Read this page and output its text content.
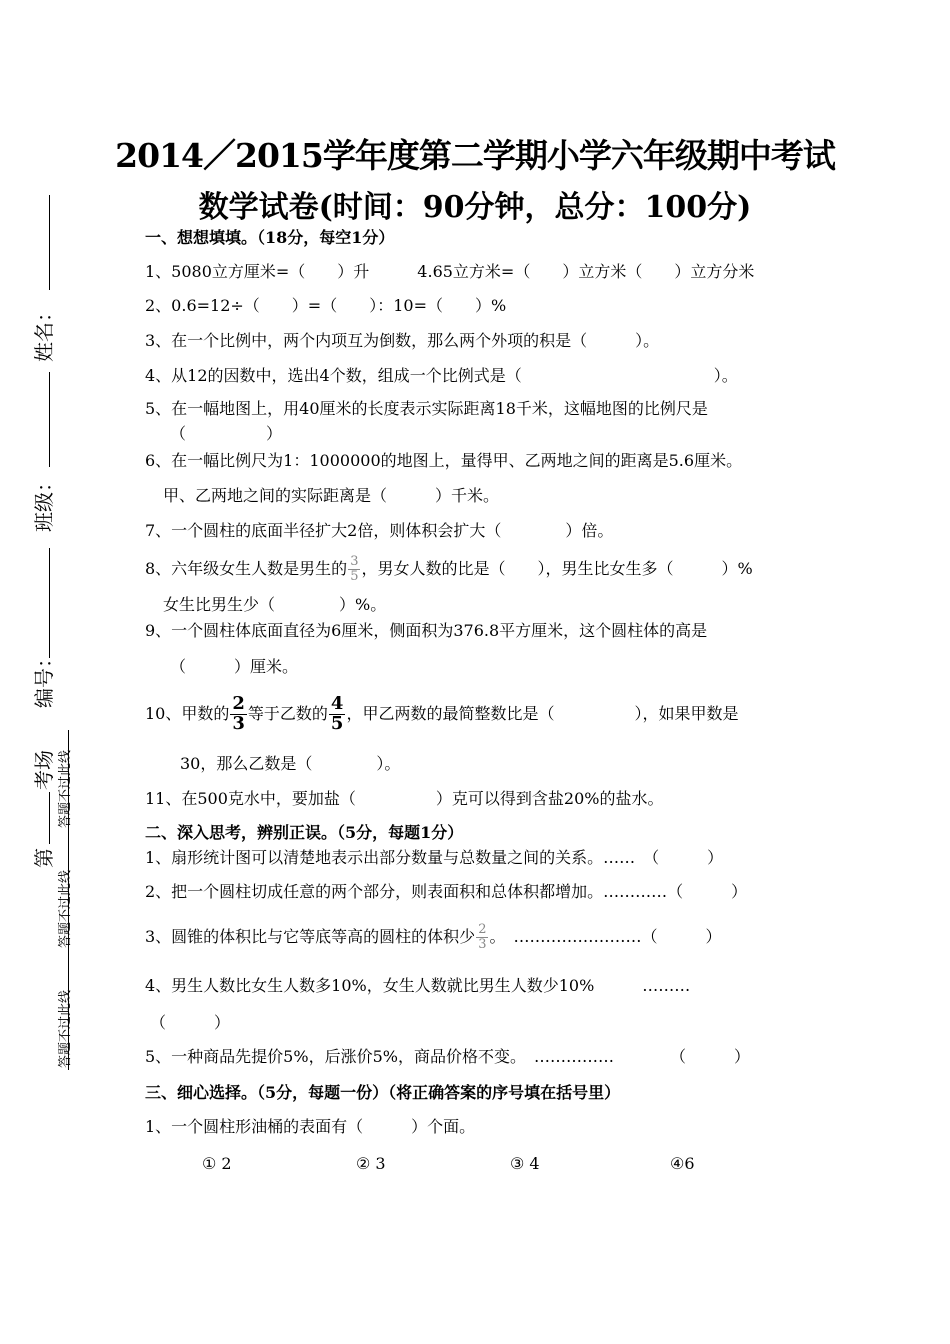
姓名：
班级：
编号：
第
考场 答题不过此线
答题不过此线
答题不过此线
2014／2015学年度第二学期小学六年级期中考试
数学试卷(时间：90分钟，总分：100分)
一、想想填填。（18分，每空1分）
1、5080立方厘米=（　　）升　　　4.65立方米=（　　）立方米（　　）立方分米
2、0.6=12÷（　　）=（　　）：10=（　　）%
3、在一个比例中，两个内项互为倒数，那么两个外项的积是（　　　）。
4、从12的因数中，选出4个数，组成一个比例式是（　　　　　　　　　　　　）。
5、在一幅地图上，用40厘米的长度表示实际距离18千米，这幅地图的比例尺是
（　　　　　）
6、在一幅比例尺为1：1000000的地图上，量得甲、乙两地之间的距离是5.6厘米。
甲、乙两地之间的实际距离是（　　　）千米。
7、一个圆柱的底面半径扩大2倍，则体积会扩大（　　　　）倍。
8、六年级女生人数是男生的 $\frac{3}{5}$ ，男女人数的比是（　　），男生比女生多（　　　）%
女生比男生少（　　　　）%。
9、一个圆柱体底面直径为6厘米，侧面积为376.8平方厘米，这个圆柱体的高是
（　　　）厘米。
10、甲数的 $\frac{2}{3}$ 等于乙数的 $\frac{4}{5}$ ，甲乙两数的最简整数比是（　　　　　），如果甲数是
30，那么乙数是（　　　　）。
11、在500克水中，要加盐（　　　　　）克可以得到含盐20%的盐水。
二、深入思考，辨别正误。（5分，每题1分）
1、扇形统计图可以清楚地表示出部分数量与总数量之间的关系。……　（　　　）
2、把一个圆柱切成任意的两个部分，则表面积和总体积都增加。…………（　　　）
3、圆锥的体积比与它等底等高的圆柱的体积少 $\frac{2}{3}$ 。　……………………（　　　）
4、男生人数比女生人数多10%，女生人数就比男生人数少10%　　　………
（　　　）
5、一种商品先提价5%，后涨价5%，商品价格不变。　……………　　　　（　　　）
三、细心选择。（5分，每题一份）（将正确答案的序号填在括号里）
1、一个圆柱形油桶的表面有（　　　）个面。
① 2	② 3	③ 4	④6
